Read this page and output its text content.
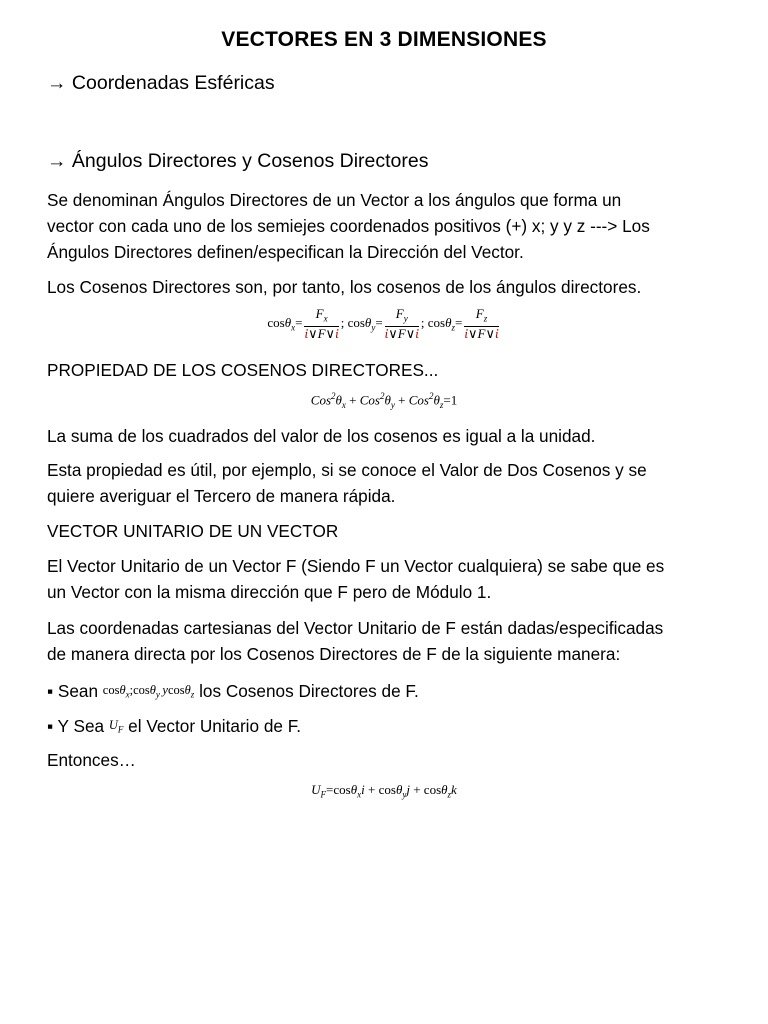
VECTORES EN 3 DIMENSIONES
→ Coordenadas Esféricas
→ Ángulos Directores y Cosenos Directores
Se denominan Ángulos Directores de un Vector a los ángulos que forma un
vector con cada uno de los semiejes coordenados positivos (+) x; y y z ---> Los
Ángulos Directores definen/especifican la Dirección del Vector.
Los Cosenos Directores son, por tanto, los cosenos de los ángulos directores.
$\cos\theta_x= \frac{F_x}{\text{ἰ∨F∨ἰ}}$ ; $\cos\theta_y= \frac{F_y}{\text{ἰ∨F∨ἰ}}$ ; $\cos\theta_z= \frac{F_z}{\text{ἰ∨F∨ἰ}}$
PROPIEDAD DE LOS COSENOS DIRECTORES...
$Cos^2\theta_x + Cos^2\theta_y + Cos^2\theta_z=1$
La suma de los cuadrados del valor de los cosenos es igual a la unidad.
Esta propiedad es útil, por ejemplo, si se conoce el Valor de Dos Cosenos y se
quiere averiguar el Tercero de manera rápida.
VECTOR UNITARIO DE UN VECTOR
El Vector Unitario de un Vector F (Siendo F un Vector cualquiera) se sabe que es
un Vector con la misma dirección que F pero de Módulo 1.
Las coordenadas cartesianas del Vector Unitario de F están dadas/especificadas
de manera directa por los Cosenos Directores de F de la siguiente manera:
▪ Sean cosθ$_x$;cosθ$_y$  ycosθ$_z$ los Cosenos Directores de F.
▪ Y Sea $U_F$ el Vector Unitario de F.
Entonces…
$U_F=\cos\theta_xi + \cos\theta_yj + \cos\theta_zk$
